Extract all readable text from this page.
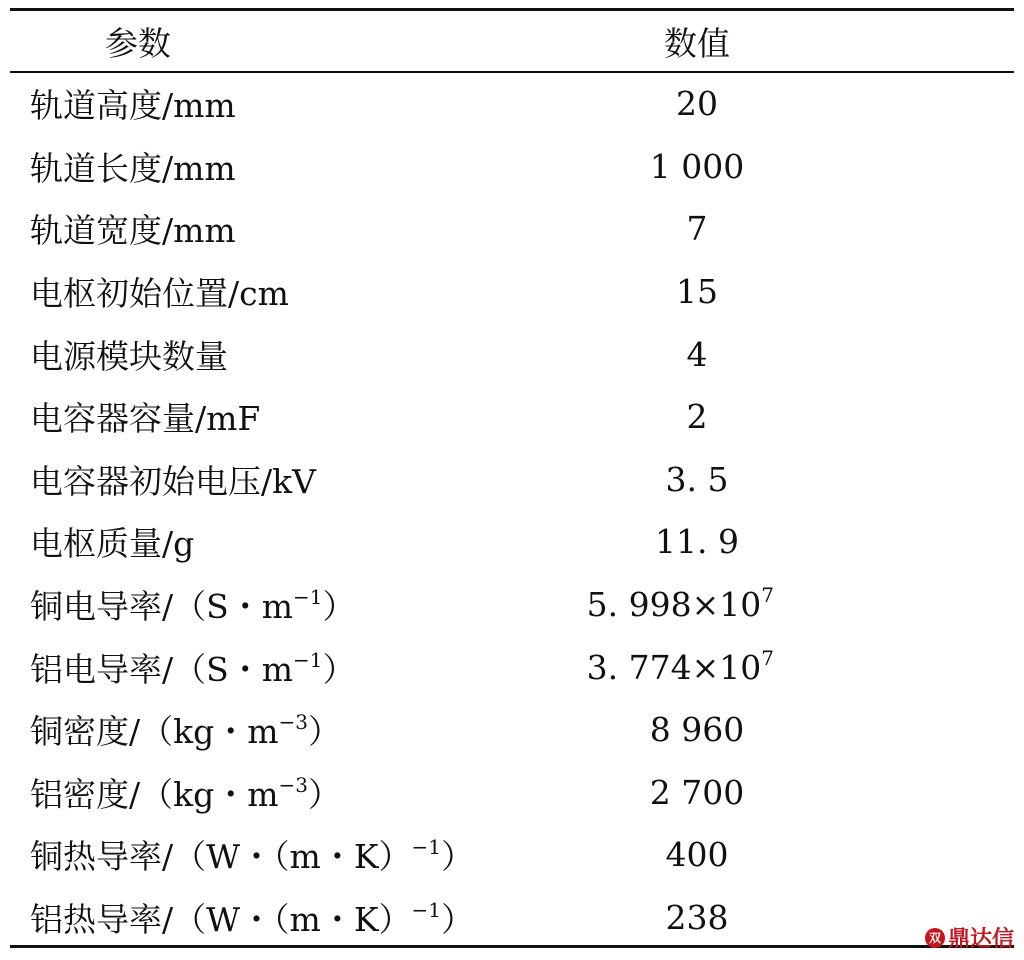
参数	数值
轨道高度/mm	20
轨道长度/mm	1 000
轨道宽度/mm	7
电枢初始位置/cm	15
电源模块数量	4
电容器容量/mF	2
电容器初始电压/kV	3. 5
电枢质量/g	11. 9
铜电导率/（S・$m^{-1}$）	5. $998\times 10^7$
铝电导率/（S・$m^{-1}$）	3. $774\times 10^7$
铜密度/（kg・$m^{-3}$）	8 960
铝密度/（kg・$m^{-3}$）	2 700
铜热导率/（W・（m・K）$^{-1}$）	400
铝热导率/（W・（m・K）$^{-1}$）	238
双 鼎达信
